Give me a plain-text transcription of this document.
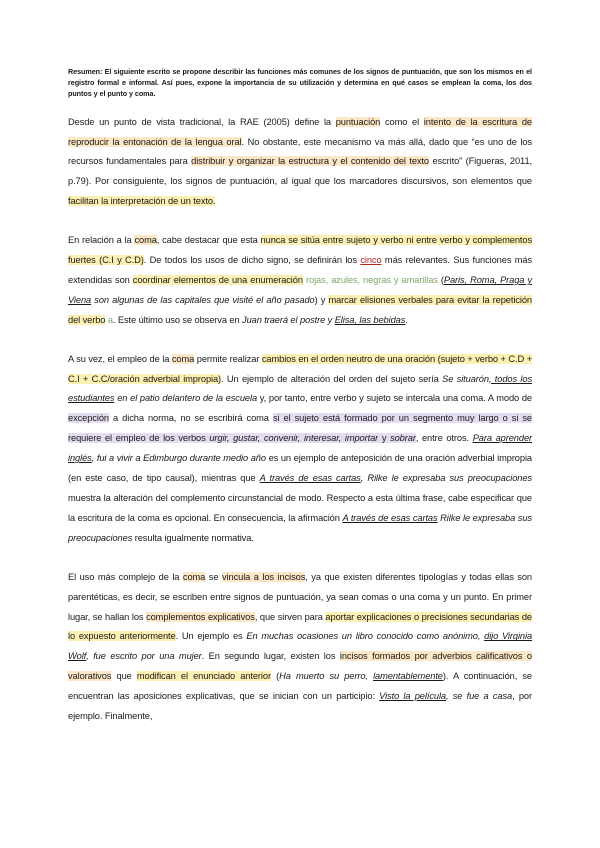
Resumen: El siguiente escrito se propone describir las funciones más comunes de los signos de puntuación, que son los mismos en el registro formal e informal. Así pues, expone la importancia de su utilización y determina en qué casos se emplean la coma, los dos puntos y el punto y coma.

Desde un punto de vista tradicional, la RAE (2005) define la puntuación como el intento de la escritura de reproducir la entonación de la lengua oral. No obstante, este mecanismo va más allá, dado que “es uno de los recursos fundamentales para distribuir y organizar la estructura y el contenido del texto escrito” (Figueras, 2011, p.79). Por consiguiente, los signos de puntuación, al igual que los marcadores discursivos, son elementos que facilitan la interpretación de un texto.

En relación a la coma, cabe destacar que esta nunca se sitúa entre sujeto y verbo ni entre verbo y complementos fuertes (C.I y C.D). De todos los usos de dicho signo, se definirán los cinco más relevantes. Sus funciones más extendidas son coordinar elementos de una enumeración rojas, azules, negras y amarillas (Paris, Roma, Praga y Viena son algunas de las capitales que visité el año pasado) y marcar elisiones verbales para evitar la repetición del verbo a. Este último uso se observa en Juan traerá el postre y Elisa, las bebidas.

A su vez, el empleo de la coma permite realizar cambios en el orden neutro de una oración (sujeto + verbo + C.D + C.I + C.C/oración adverbial impropia). Un ejemplo de alteración del orden del sujeto sería Se situarón, todos los estudiantes en el patio delantero de la escuela y, por tanto, entre verbo y sujeto se intercala una coma. A modo de excepción a dicha norma, no se escribirá coma si el sujeto está formado por un segmento muy largo o si se requiere el empleo de los verbos urgir, gustar, convenir, interesar, importar y sobrar, entre otros. Para aprender inglés, fui a vivir a Edimburgo durante medio año es un ejemplo de anteposición de una oración adverbial impropia (en este caso, de tipo causal), mientras que A través de esas cartas, Rilke le expresaba sus preocupaciones muestra la alteración del complemento circunstancial de modo. Respecto a esta última frase, cabe especificar que la escritura de la coma es opcional. En consecuencia, la afirmación A través de esas cartas Rilke le expresaba sus preocupaciones resulta igualmente normativa.

El uso más complejo de la coma se vincula a los incisos, ya que existen diferentes tipologías y todas ellas son parentéticas, es decir, se escriben entre signos de puntuación, ya sean comas o una coma y un punto. En primer lugar, se hallan los complementos explicativos, que sirven para aportar explicaciones o precisiones secundarias de lo expuesto anteriormente. Un ejemplo es En muchas ocasiones un libro conocido como anónimo, dijo Virginia Wolf, fue escrito por una mujer. En segundo lugar, existen los incisos formados por adverbios calificativos o valorativos que modifican el enunciado anterior (Ha muerto su perro, lamentablemente). A continuación, se encuentran las aposiciones explicativas, que se inician con un participio: Visto la película, se fue a casa, por ejemplo. Finalmente,
